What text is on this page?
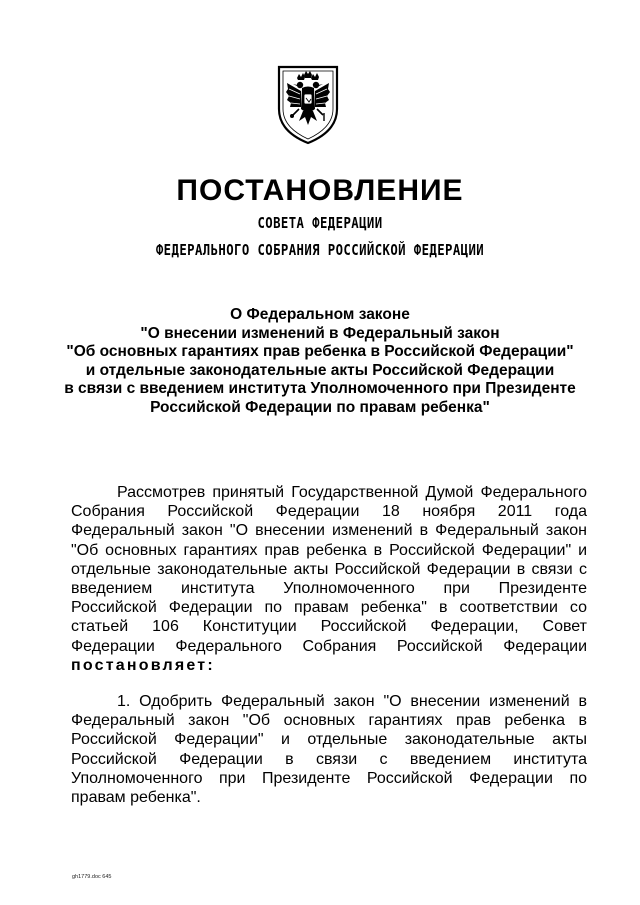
ПОСТАНОВЛЕНИЕ
СОВЕТА ФЕДЕРАЦИИ
ФЕДЕРАЛЬНОГО СОБРАНИЯ РОССИЙСКОЙ ФЕДЕРАЦИИ
О Федеральном законе
"О внесении изменений в Федеральный закон
"Об основных гарантиях прав ребенка в Российской Федерации"
и отдельные законодательные акты Российской Федерации
в связи с введением института Уполномоченного при Президенте
Российской Федерации по правам ребенка"
Рассмотрев принятый Государственной Думой Федерального
Собрания Российской Федерации 18 ноября 2011 года
Федеральный закон "О внесении изменений в Федеральный закон
"Об основных гарантиях прав ребенка в Российской Федерации" и
отдельные законодательные акты Российской Федерации в связи с
введением института Уполномоченного при Президенте
Российской Федерации по правам ребенка" в соответствии со
статьей 106 Конституции Российской Федерации, Совет
Федерации Федерального Собрания Российской Федерации
постановляет:
1. Одобрить Федеральный закон "О внесении изменений в
Федеральный закон "Об основных гарантиях прав ребенка в
Российской Федерации" и отдельные законодательные акты
Российской Федерации в связи с введением института
Уполномоченного при Президенте Российской Федерации по
правам ребенка".
gh1779.doc 645
